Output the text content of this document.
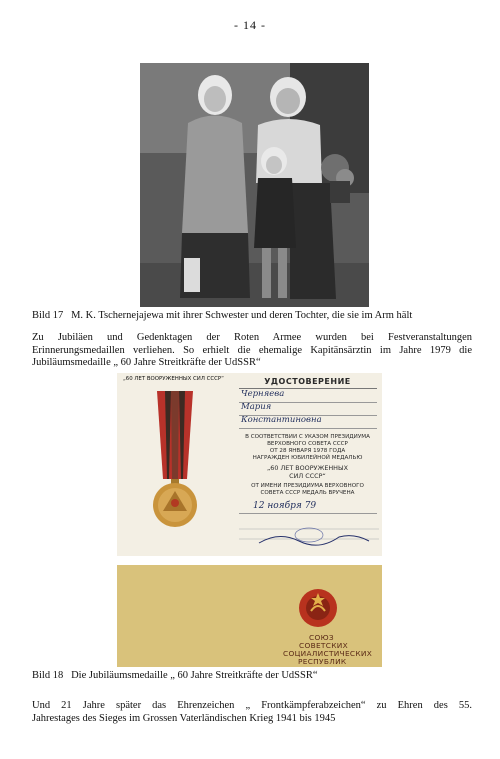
- 14 -
Bild 17 M. K. Tschernejajewa mit ihrer Schwester und deren Tochter, die sie im Arm hält
Zu Jubiläen und Gedenktagen der Roten Armee wurden bei Festveranstaltungen
Erinnerungsmedaillen verliehen. So erhielt die ehemalige Kapitänsärztin im Jahre 1979 die
Jubiläumsmedaille „ 60 Jahre Streitkräfte der UdSSR“
„60 ЛЕТ ВООРУЖЕННЫХ СИЛ СССР“	УДОСТОВЕРЕНИЕ
Черняева
Мария
Константиновна
В СООТВЕТСТВИИ С УКАЗОМ ПРЕЗИДИУМА
ВЕРХОВНОГО СОВЕТА СССР
ОТ 28 ЯНВАРЯ 1978 ГОДА
НАГРАЖДЕН ЮБИЛЕЙНОЙ МЕДАЛЬЮ
„60 ЛЕТ ВООРУЖЕННЫХ
СИЛ СССР“
ОТ ИМЕНИ ПРЕЗИДИУМА ВЕРХОВНОГО
СОВЕТА СССР МЕДАЛЬ ВРУЧЕНА
12 ноября 79
СОЮЗ
СОВЕТСКИХ
СОЦИАЛИСТИЧЕСКИХ
РЕСПУБЛИК
Bild 18 Die Jubiläumsmedaille „ 60 Jahre Streitkräfte der UdSSR“
Und 21 Jahre später das Ehrenzeichen „ Frontkämpferabzeichen“ zu Ehren des 55.
Jahrestages des Sieges im Grossen Vaterländischen Krieg 1941 bis 1945
